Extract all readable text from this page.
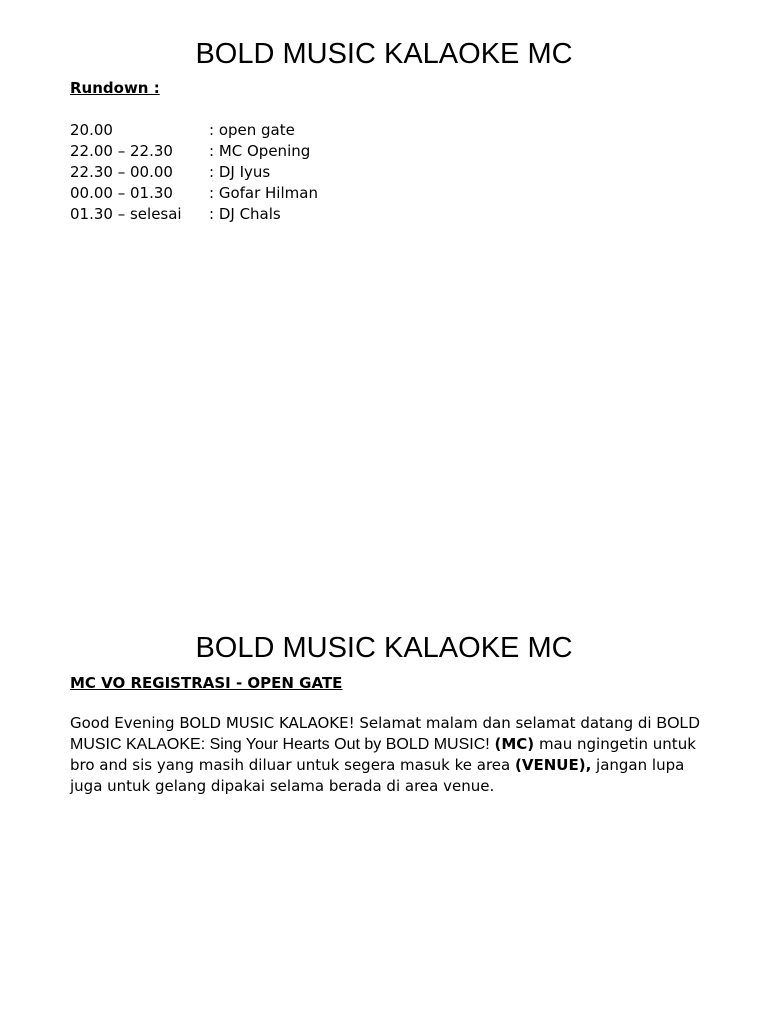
BOLD MUSIC KALAOKE MC

Rundown :

20.00	: open gate
22.00 – 22.30 : MC Opening
22.30 – 00.00 : DJ Iyus
00.00 – 01.30 : Gofar Hilman
01.30 – selesai : DJ Chals
BOLD MUSIC KALAOKE MC

MC VO REGISTRASI - OPEN GATE

Good Evening BOLD MUSIC KALAOKE! Selamat malam dan selamat datang di BOLD MUSIC KALAOKE: Sing Your Hearts Out by BOLD MUSIC! (MC) mau ngingetin untuk bro and sis yang masih diluar untuk segera masuk ke area (VENUE), jangan lupa juga untuk gelang dipakai selama berada di area venue.
